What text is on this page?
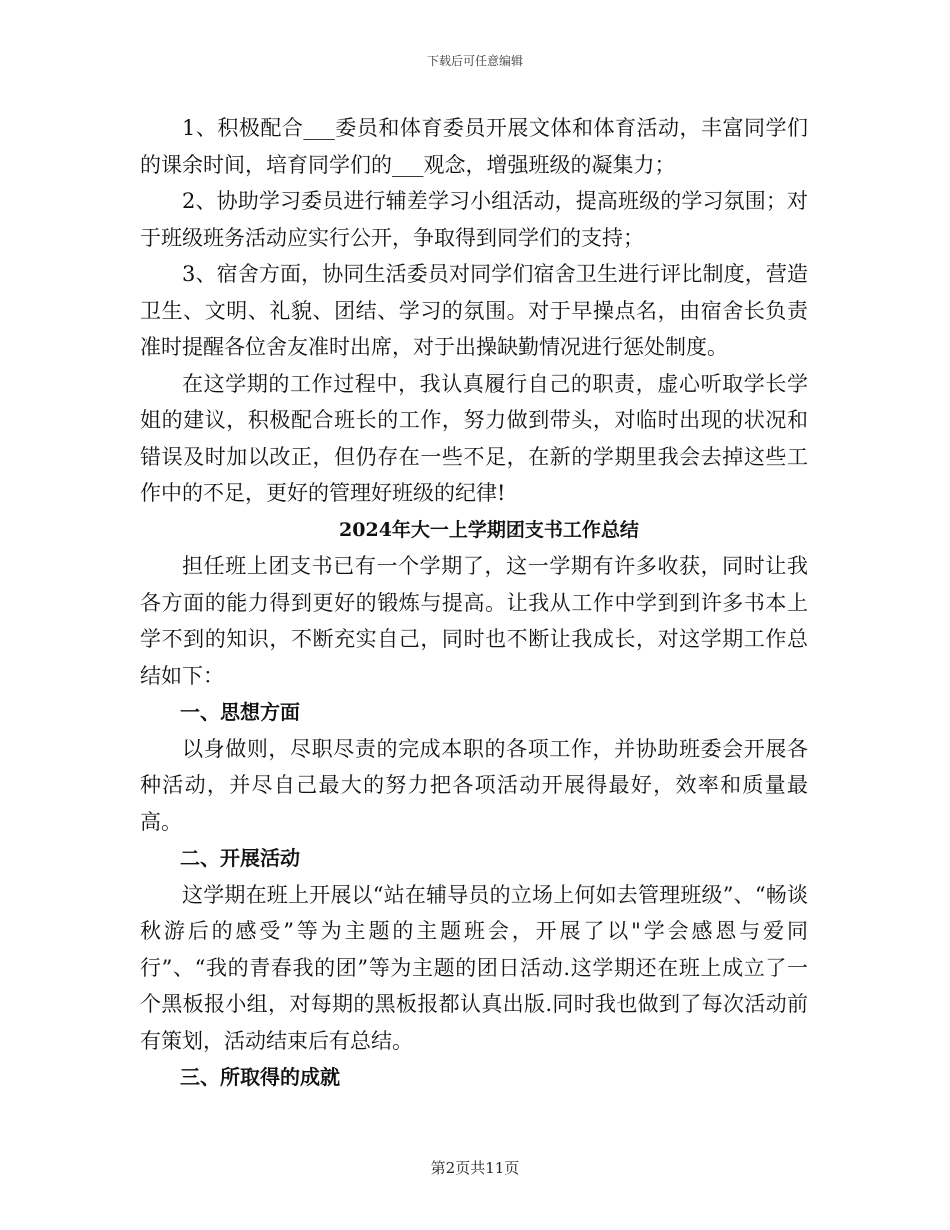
下载后可任意编辑

1、积极配合___委员和体育委员开展文体和体育活动，丰富同学们的课余时间，培育同学们的___观念，增强班级的凝集力；

2、协助学习委员进行辅差学习小组活动，提高班级的学习氛围；对于班级班务活动应实行公开，争取得到同学们的支持；

3、宿舍方面，协同生活委员对同学们宿舍卫生进行评比制度，营造卫生、文明、礼貌、团结、学习的氛围。对于早操点名，由宿舍长负责准时提醒各位舍友准时出席，对于出操缺勤情况进行惩处制度。

在这学期的工作过程中，我认真履行自己的职责，虚心听取学长学姐的建议，积极配合班长的工作，努力做到带头，对临时出现的状况和错误及时加以改正，但仍存在一些不足，在新的学期里我会去掉这些工作中的不足，更好的管理好班级的纪律!

2024年大一上学期团支书工作总结

担任班上团支书已有一个学期了，这一学期有许多收获，同时让我各方面的能力得到更好的锻炼与提高。让我从工作中学到到许多书本上学不到的知识，不断充实自己，同时也不断让我成长，对这学期工作总结如下：

一、思想方面

以身做则，尽职尽责的完成本职的各项工作，并协助班委会开展各种活动，并尽自己最大的努力把各项活动开展得最好，效率和质量最高。

二、开展活动

这学期在班上开展以“站在辅导员的立场上何如去管理班级”、“畅谈秋游后的感受”等为主题的主题班会，开展了以"学会感恩与爱同行”、“我的青春我的团”等为主题的团日活动.这学期还在班上成立了一个黑板报小组，对每期的黑板报都认真出版.同时我也做到了每次活动前有策划，活动结束后有总结。

三、所取得的成就

第2页共11页
